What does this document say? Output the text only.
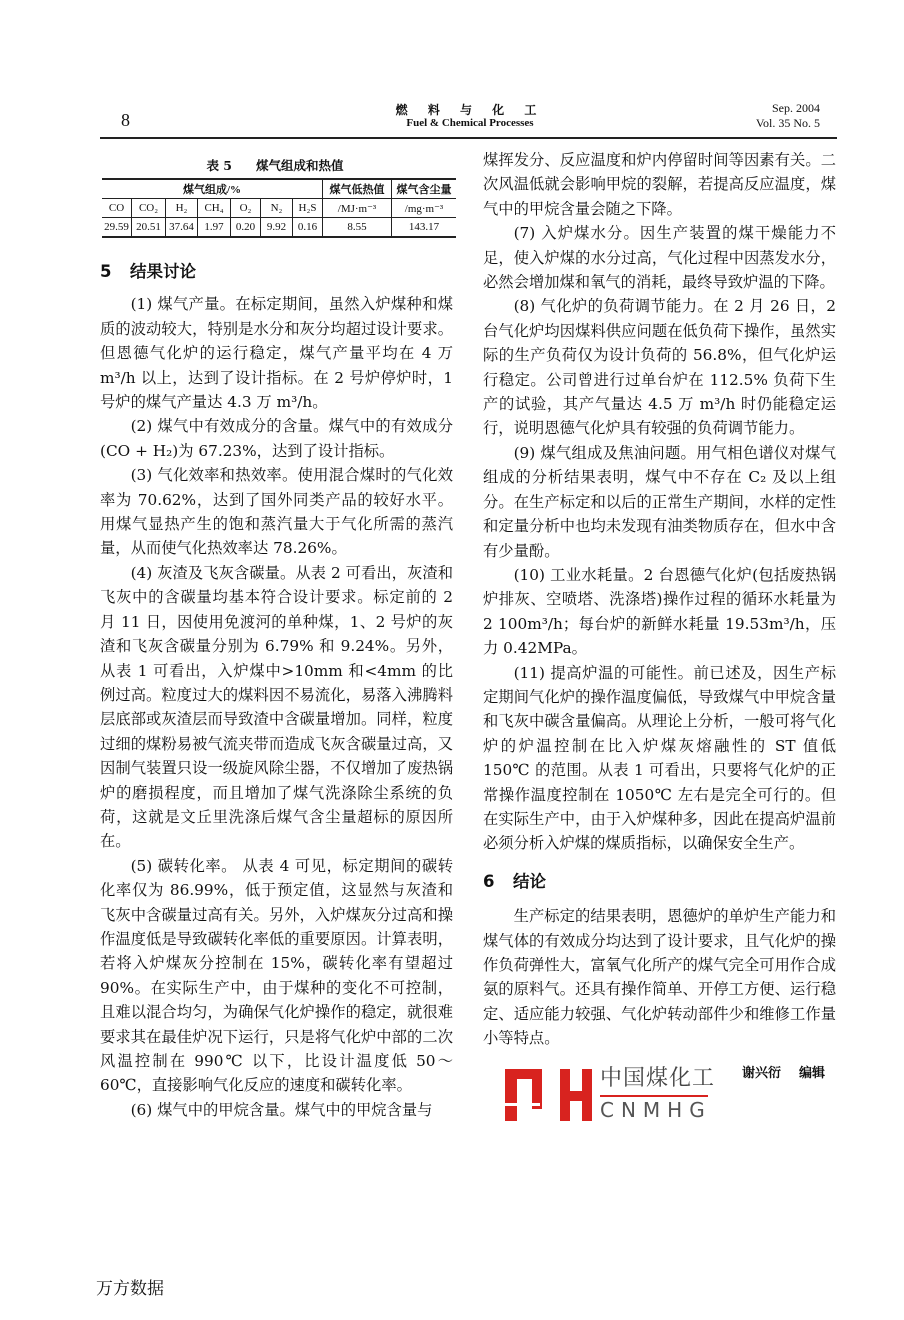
8	燃 料 与 化 工
Fuel & Chemical Processes
Sep. 2004
Vol. 35 No. 5
表 5 煤气组成和热值
煤气组成/%							煤气低热值	煤气含尘量
CO	CO₂	H₂	CH₄	O₂	N₂	H₂S	/MJ·m⁻³	/mg·m⁻³
29.59	20.51	37.64	1.97	0.20	9.92	0.16	8.55	143.17

5 结果讨论

(1) 煤气产量。在标定期间，虽然入炉煤种和煤质的波动较大，特别是水分和灰分均超过设计要求。但恩德气化炉的运行稳定，煤气产量平均在 4 万 m³/h 以上，达到了设计指标。在 2 号炉停炉时，1 号炉的煤气产量达 4.3 万 m³/h。

(2) 煤气中有效成分的含量。煤气中的有效成分(CO + H₂)为 67.23%，达到了设计指标。

(3) 气化效率和热效率。使用混合煤时的气化效率为 70.62%，达到了国外同类产品的较好水平。用煤气显热产生的饱和蒸汽量大于气化所需的蒸汽量，从而使气化热效率达 78.26%。

(4) 灰渣及飞灰含碳量。从表 2 可看出，灰渣和飞灰中的含碳量均基本符合设计要求。标定前的 2 月 11 日，因使用免渡河的单种煤，1、2 号炉的灰渣和飞灰含碳量分别为 6.79% 和 9.24%。另外，从表 1 可看出，入炉煤中>10mm 和<4mm 的比例过高。粒度过大的煤料因不易流化，易落入沸腾料层底部或灰渣层而导致渣中含碳量增加。同样，粒度过细的煤粉易被气流夹带而造成飞灰含碳量过高，又因制气装置只设一级旋风除尘器，不仅增加了废热锅炉的磨损程度，而且增加了煤气洗涤除尘系统的负荷，这就是文丘里洗涤后煤气含尘量超标的原因所在。

(5) 碳转化率。 从表 4 可见，标定期间的碳转化率仅为 86.99%，低于预定值，这显然与灰渣和飞灰中含碳量过高有关。另外，入炉煤灰分过高和操作温度低是导致碳转化率低的重要原因。计算表明，若将入炉煤灰分控制在 15%，碳转化率有望超过 90%。在实际生产中，由于煤种的变化不可控制，且难以混合均匀，为确保气化炉操作的稳定，就很难要求其在最佳炉况下运行，只是将气化炉中部的二次风温控制在 990℃ 以下，比设计温度低 50～60℃，直接影响气化反应的速度和碳转化率。

(6) 煤气中的甲烷含量。煤气中的甲烷含量与

煤挥发分、反应温度和炉内停留时间等因素有关。二次风温低就会影响甲烷的裂解，若提高反应温度，煤气中的甲烷含量会随之下降。

(7) 入炉煤水分。因生产装置的煤干燥能力不足，使入炉煤的水分过高，气化过程中因蒸发水分，必然会增加煤和氧气的消耗，最终导致炉温的下降。

(8) 气化炉的负荷调节能力。在 2 月 26 日，2 台气化炉均因煤料供应问题在低负荷下操作，虽然实际的生产负荷仅为设计负荷的 56.8%，但气化炉运行稳定。公司曾进行过单台炉在 112.5% 负荷下生产的试验，其产气量达 4.5 万 m³/h 时仍能稳定运行，说明恩德气化炉具有较强的负荷调节能力。

(9) 煤气组成及焦油问题。用气相色谱仪对煤气组成的分析结果表明，煤气中不存在 C₂ 及以上组分。在生产标定和以后的正常生产期间，水样的定性和定量分析中也均未发现有油类物质存在，但水中含有少量酚。

(10) 工业水耗量。2 台恩德气化炉(包括废热锅炉排灰、空喷塔、洗涤塔)操作过程的循环水耗量为 2 100m³/h；每台炉的新鲜水耗量 19.53m³/h，压力 0.42MPa。

(11) 提高炉温的可能性。前已述及，因生产标定期间气化炉的操作温度偏低，导致煤气中甲烷含量和飞灰中碳含量偏高。从理论上分析，一般可将气化炉的炉温控制在比入炉煤灰熔融性的 ST 值低 150℃ 的范围。从表 1 可看出，只要将气化炉的正常操作温度控制在 1050℃ 左右是完全可行的。但在实际生产中，由于入炉煤种多，因此在提高炉温前必须分析入炉煤的煤质指标，以确保安全生产。

6 结论

生产标定的结果表明，恩德炉的单炉生产能力和煤气体的有效成分均达到了设计要求，且气化炉的操作负荷弹性大，富氧气化所产的煤气完全可用作合成氨的原料气。还具有操作简单、开停工方便、运行稳定、适应能力较强、气化炉转动部件少和维修工作量小等特点。

中国煤化工
CNMHG
谢兴衍 编辑
万方数据
